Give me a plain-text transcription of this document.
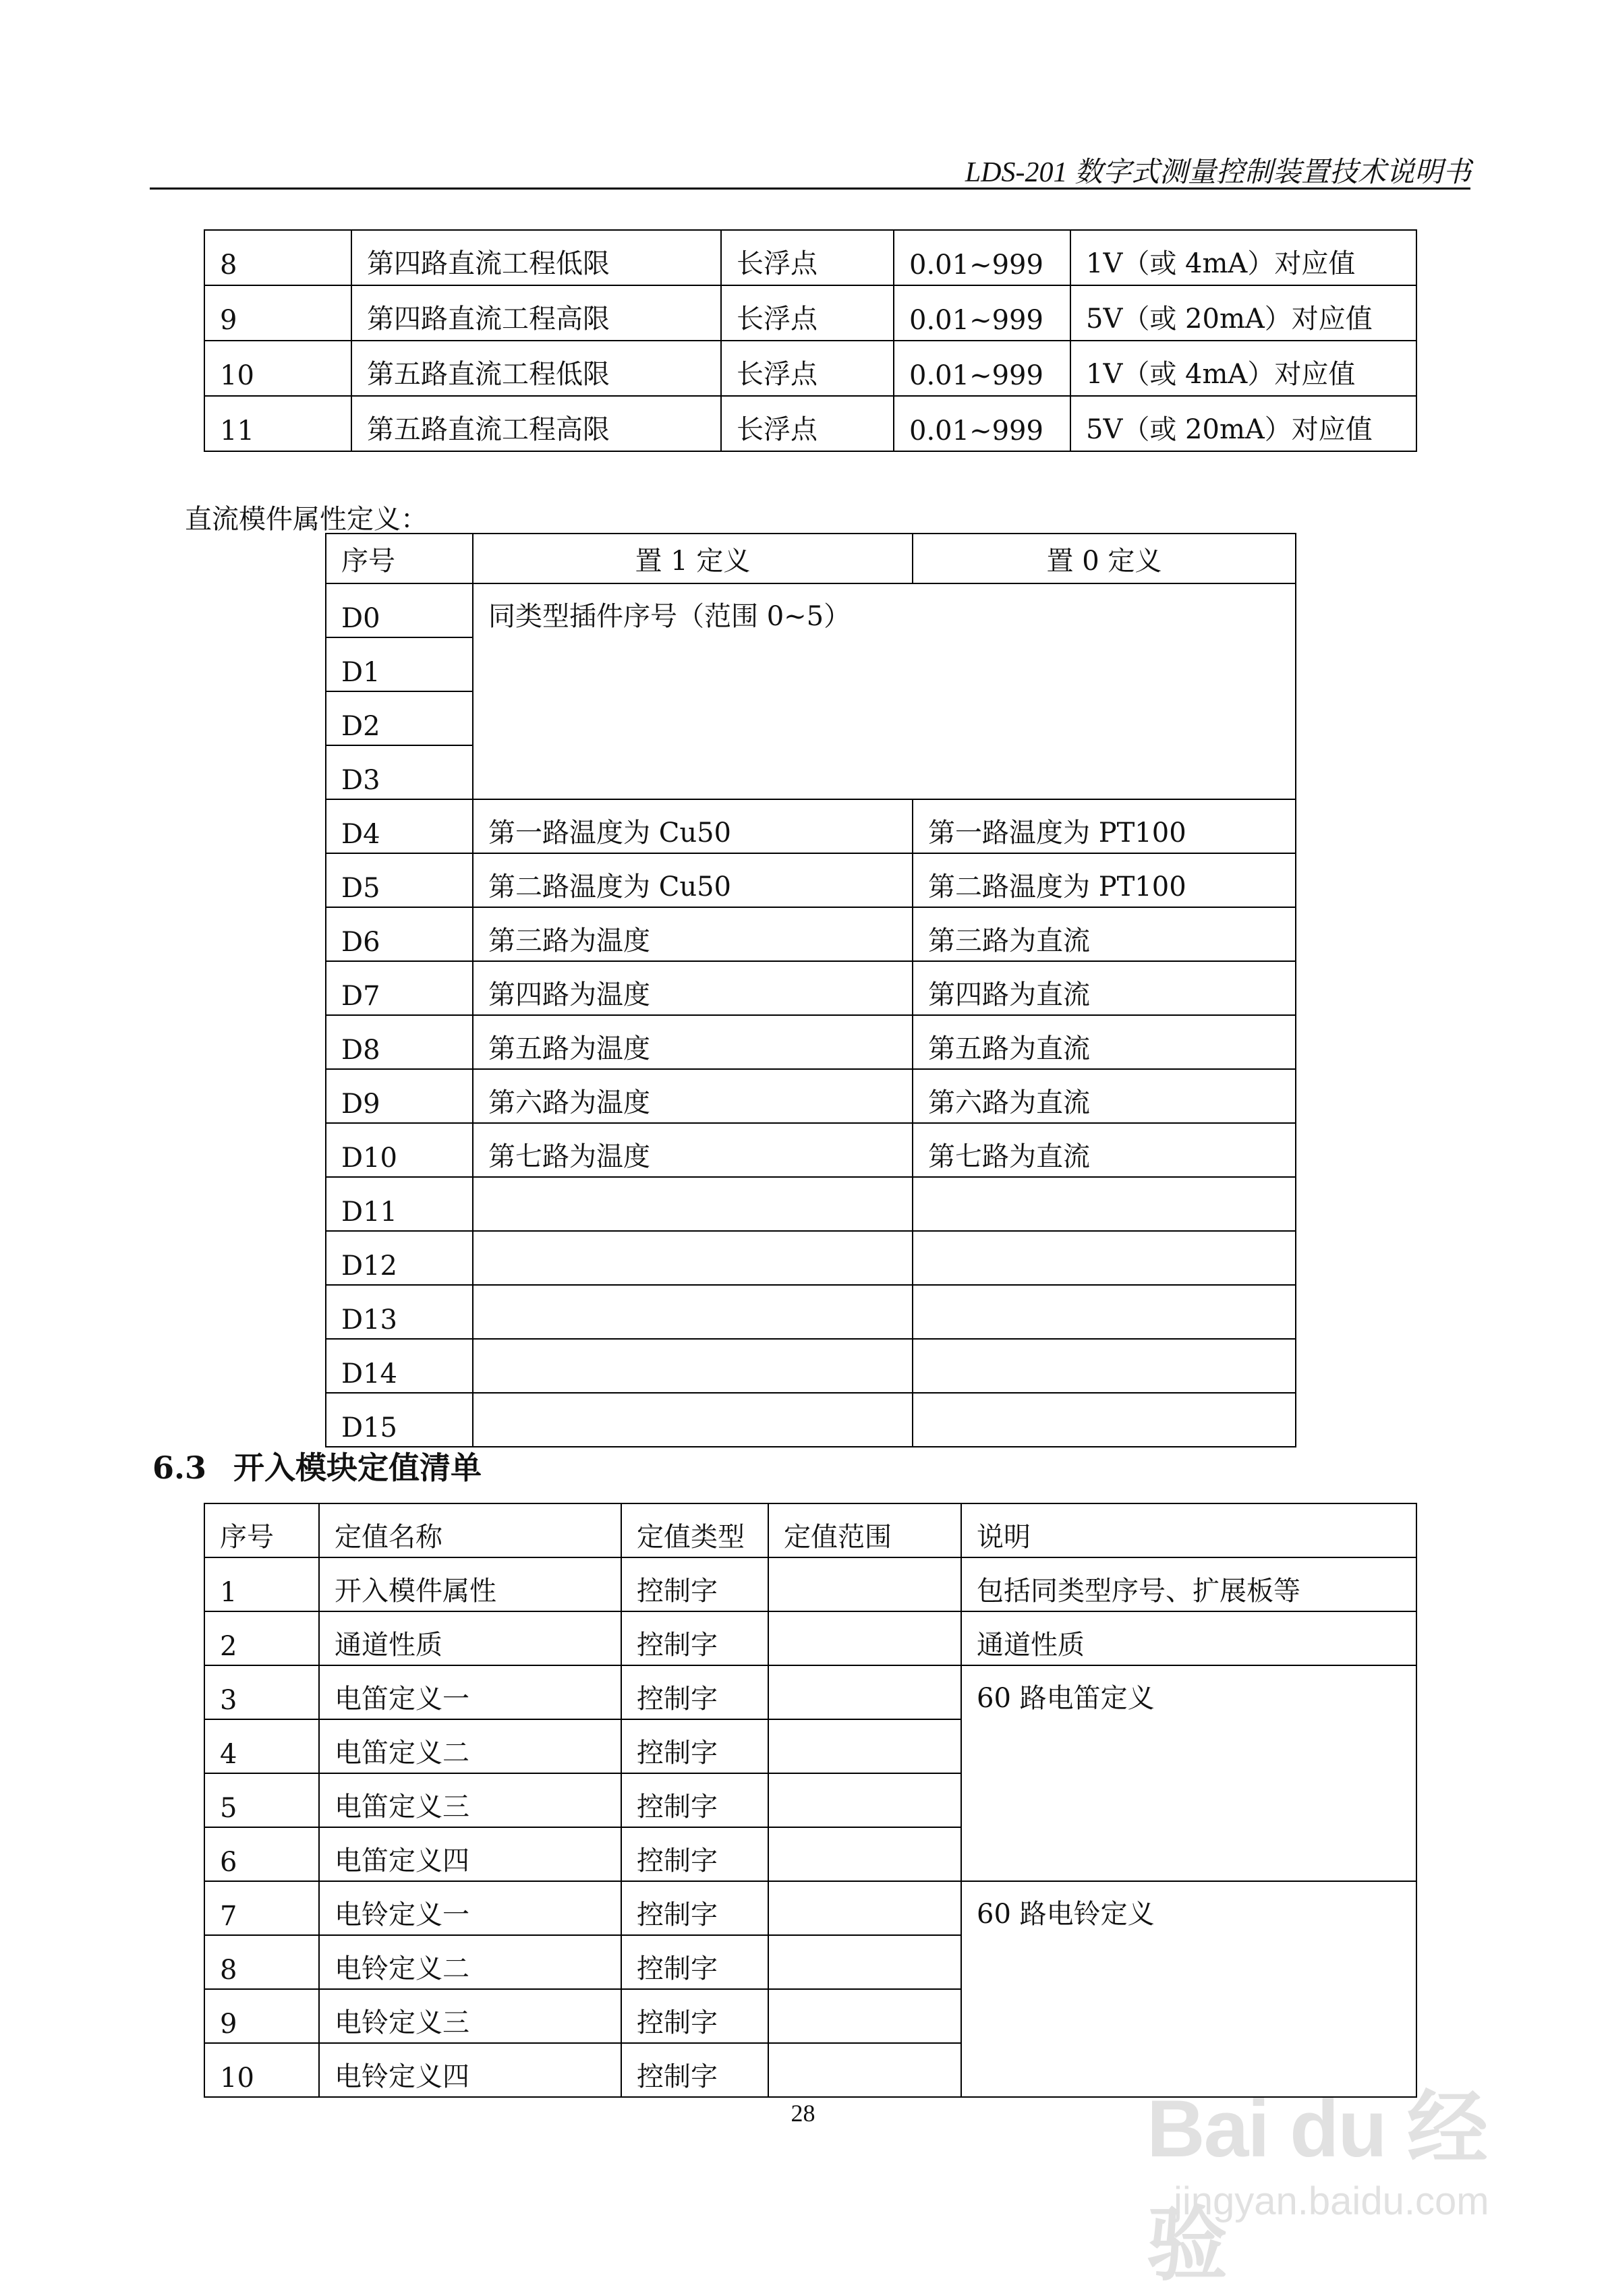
LDS-201 数字式测量控制装置技术说明书
8	第四路直流工程低限	长浮点	0.01~999	1V（或 4mA）对应值
9	第四路直流工程高限	长浮点	0.01~999	5V（或 20mA）对应值
10	第五路直流工程低限	长浮点	0.01~999	1V（或 4mA）对应值
11	第五路直流工程高限	长浮点	0.01~999	5V（或 20mA）对应值
直流模件属性定义：
序号	置 1 定义	置 0 定义
D0	同类型插件序号（范围 0~5）	
D1		
D2		
D3		
D4	第一路温度为 Cu50	第一路温度为 PT100
D5	第二路温度为 Cu50	第二路温度为 PT100
D6	第三路为温度	第三路为直流
D7	第四路为温度	第四路为直流
D8	第五路为温度	第五路为直流
D9	第六路为温度	第六路为直流
D10	第七路为温度	第七路为直流
D11		
D12		
D13		
D14		
D15		
6.3 开入模块定值清单
序号	定值名称	定值类型	定值范围	说明
1	开入模件属性	控制字		包括同类型序号、扩展板等
2	通道性质	控制字		通道性质
3	电笛定义一	控制字		60 路电笛定义
4	电笛定义二	控制字		
5	电笛定义三	控制字		
6	电笛定义四	控制字		
7	电铃定义一	控制字		60 路电铃定义
8	电铃定义二	控制字		
9	电铃定义三	控制字		
10	电铃定义四	控制字		
28	Bai du 经验
jingyan.baidu.com
